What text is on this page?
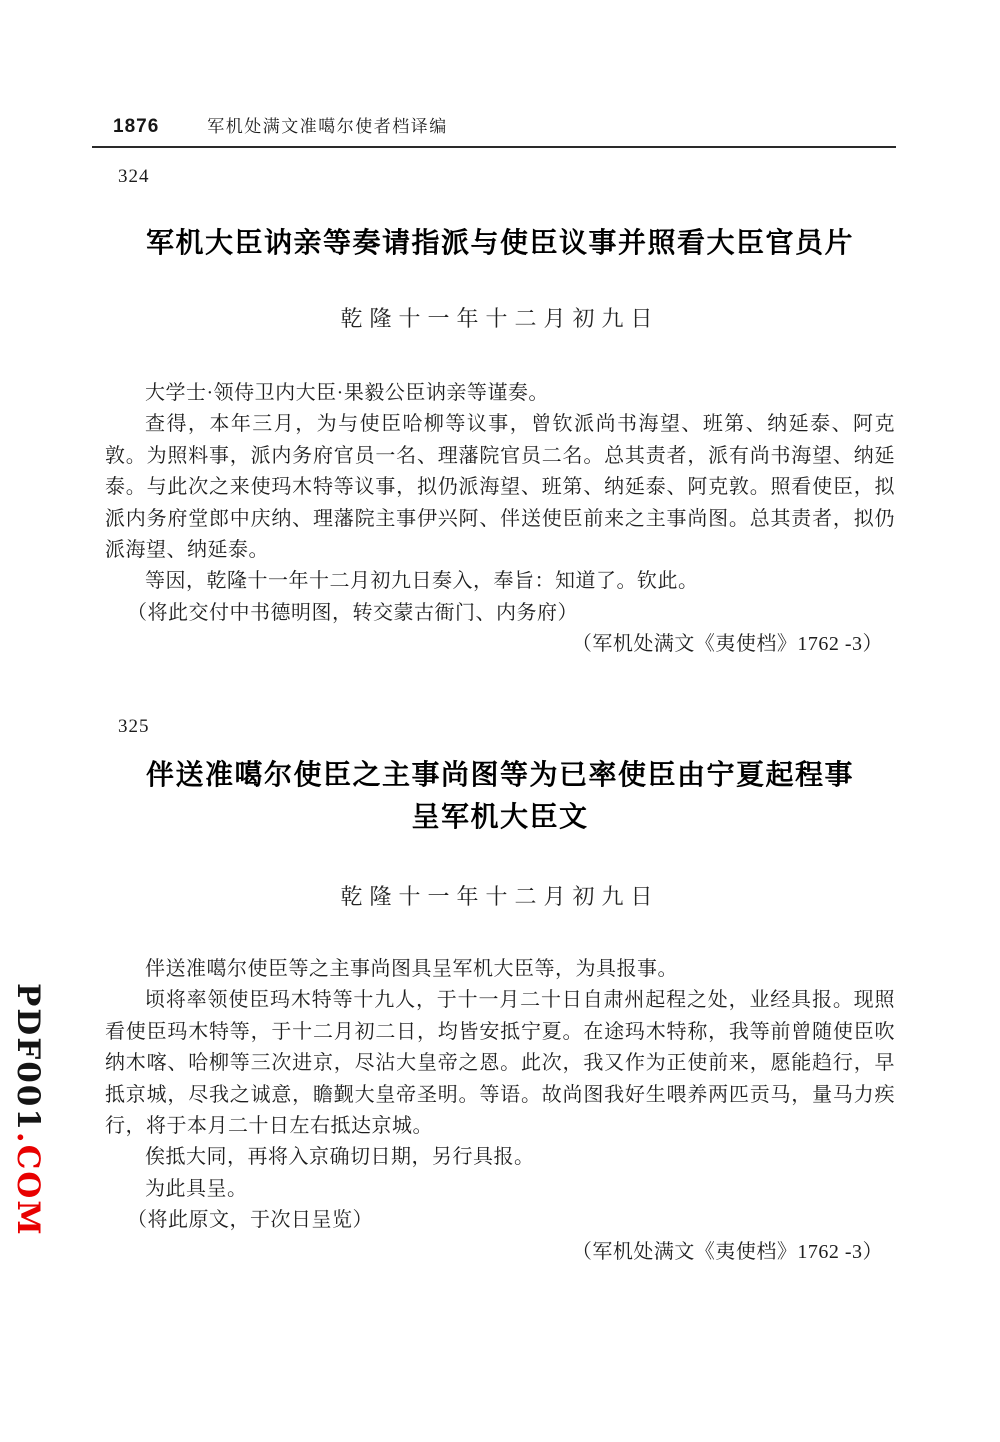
PDF001.COM
1876	军机处满文准噶尔使者档译编
324
军机大臣讷亲等奏请指派与使臣议事并照看大臣官员片
乾隆十一年十二月初九日

大学士·领侍卫内大臣·果毅公臣讷亲等谨奏。

查得，本年三月，为与使臣哈柳等议事，曾钦派尚书海望、班第、纳延泰、阿克敦。为照料事，派内务府官员一名、理藩院官员二名。总其责者，派有尚书海望、纳延泰。与此次之来使玛木特等议事，拟仍派海望、班第、纳延泰、阿克敦。照看使臣，拟派内务府堂郎中庆纳、理藩院主事伊兴阿、伴送使臣前来之主事尚图。总其责者，拟仍派海望、纳延泰。

等因，乾隆十一年十二月初九日奏入，奉旨：知道了。钦此。

（将此交付中书德明图，转交蒙古衙门、内务府）

（军机处满文《夷使档》1762 -3）

325
伴送准噶尔使臣之主事尚图等为已率使臣由宁夏起程事
呈军机大臣文
乾隆十一年十二月初九日

伴送准噶尔使臣等之主事尚图具呈军机大臣等，为具报事。

顷将率领使臣玛木特等十九人，于十一月二十日自肃州起程之处，业经具报。现照看使臣玛木特等，于十二月初二日，均皆安抵宁夏。在途玛木特称，我等前曾随使臣吹纳木喀、哈柳等三次进京，尽沾大皇帝之恩。此次，我又作为正使前来，愿能趋行，早抵京城，尽我之诚意，瞻觐大皇帝圣明。等语。故尚图我好生喂养两匹贡马，量马力疾行，将于本月二十日左右抵达京城。

俟抵大同，再将入京确切日期，另行具报。

为此具呈。

（将此原文，于次日呈览）

（军机处满文《夷使档》1762 -3）
